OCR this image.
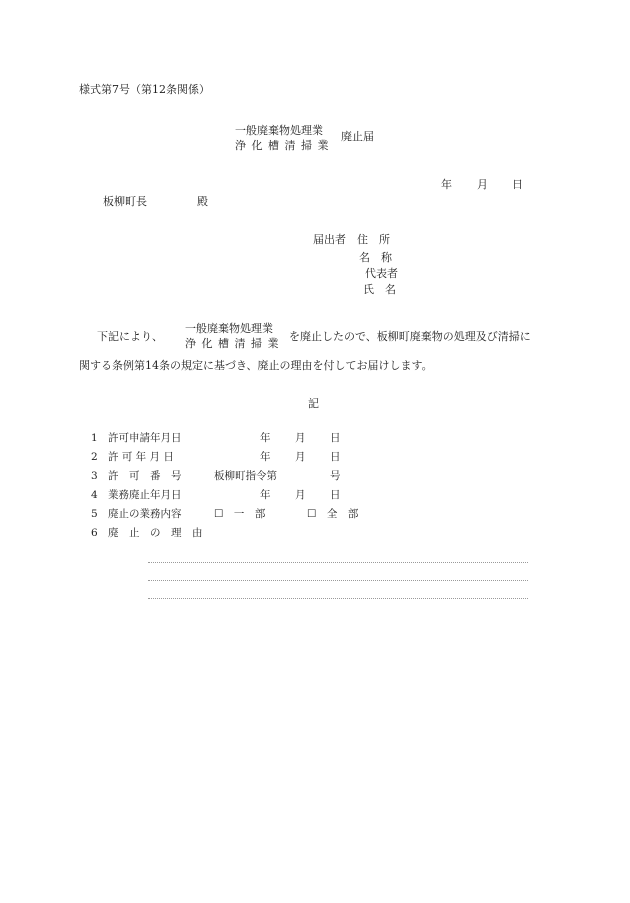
様式第7号（第12条関係）
一般廃棄物処理業
浄 化 槽 清 掃 業
廃止届
年 月 日
板柳町長	殿
届出者 住　所
名　称
代表者
氏　名
下記により、
一般廃棄物処理業
浄 化 槽 清 掃 業
を廃止したので、板柳町廃棄物の処理及び清掃に
関する条例第14条の規定に基づき、廃止の理由を付してお届けします。
記
1 許可申請年月日	年 月 日
2 許 可 年 月 日	年 月 日
3 許　可　番　号	板柳町指令第	号
4 業務廃止年月日	年 月 日
5 廃止の業務内容	☐　一　部	☐　全　部
6 廃　止　の　理　由
